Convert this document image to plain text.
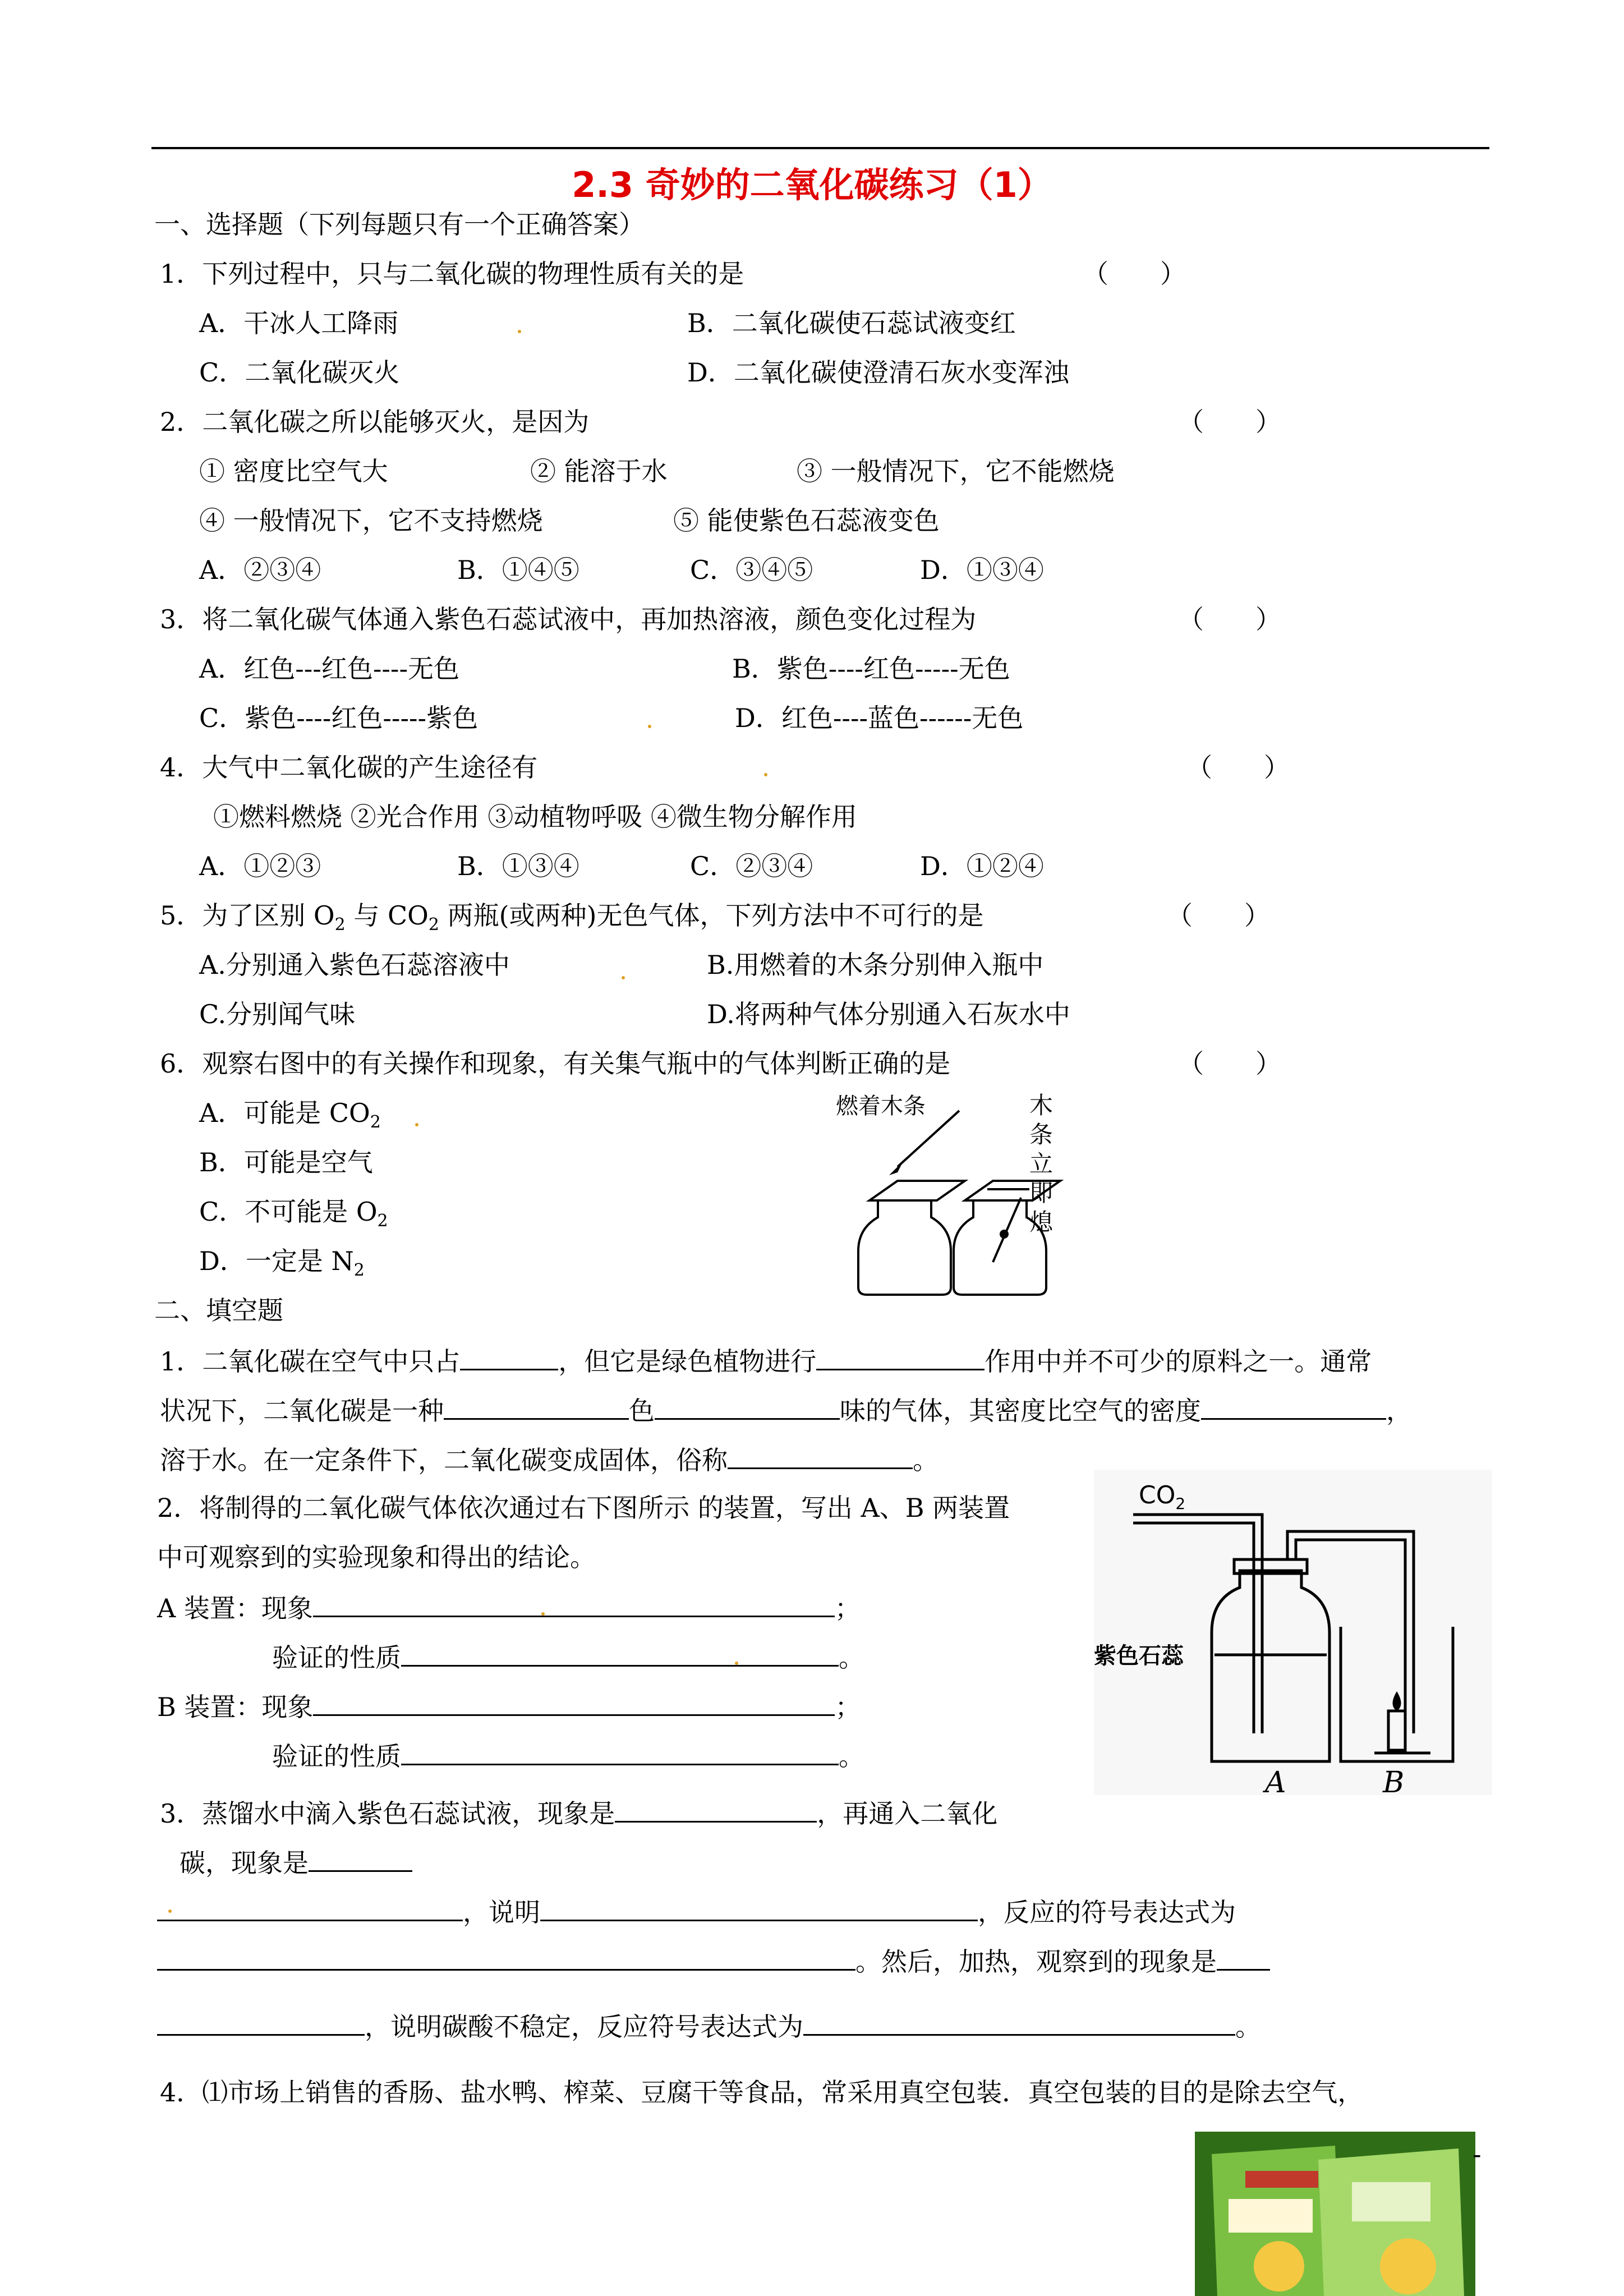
2.3 奇妙的二氧化碳练习（1）
一、选择题（下列每题只有一个正确答案）
1．下列过程中，只与二氧化碳的物理性质有关的是	（　　）
A．干冰人工降雨	B．二氧化碳使石蕊试液变红
C．二氧化碳灭火	D．二氧化碳使澄清石灰水变浑浊
2．二氧化碳之所以能够灭火，是因为	（　　）
① 密度比空气大	② 能溶于水	③ 一般情况下，它不能燃烧
④ 一般情况下，它不支持燃烧	⑤ 能使紫色石蕊液变色
A．②③④	B．①④⑤	C．③④⑤	D．①③④
3．将二氧化碳气体通入紫色石蕊试液中，再加热溶液，颜色变化过程为	（　　）
A．红色---红色----无色	B．紫色----红色-----无色
C．紫色----红色-----紫色	D．红色----蓝色------无色
4．大气中二氧化碳的产生途径有	（　　）
①燃料燃烧 ②光合作用 ③动植物呼吸 ④微生物分解作用
A．①②③	B．①③④	C．②③④	D．①②④
5．为了区别 $O_2$ 与 $CO_2$ 两瓶(或两种)无色气体，下列方法中不可行的是	（　　）
A.分别通入紫色石蕊溶液中	B.用燃着的木条分别伸入瓶中
C.分别闻气味	D.将两种气体分别通入石灰水中
6．观察右图中的有关操作和现象，有关集气瓶中的气体判断正确的是	（　　）
A．可能是 $CO_2$
B．可能是空气
C．不可能是 $O_2$
D．一定是 $N_2$
燃着木条	木条立即熄
二、填空题
1．二氧化碳在空气中只占	，但它是绿色植物进行	作用中并不可少的原料之一。通常
状况下，二氧化碳是一种	色	味的气体，其密度比空气的密度	，
溶于水。在一定条件下，二氧化碳变成固体，俗称	。
2．将制得的二氧化碳气体依次通过右下图所示 的装置，写出 A、B 两装置
中可观察到的实验现象和得出的结论。
A 装置：现象	；
验证的性质	。
B 装置：现象	；
验证的性质	。
$CO_2$
紫色石蕊
A	B
3．蒸馏水中滴入紫色石蕊试液，现象是	，再通入二氧化
碳，现象是
，说明	，反应的符号表达式为
。然后，加热，观察到的现象是
，说明碳酸不稳定，反应符号表达式为	。
4．⑴市场上销售的香肠、盐水鸭、榨菜、豆腐干等食品，常采用真空包装．真空包装的目的是除去空气，
-
